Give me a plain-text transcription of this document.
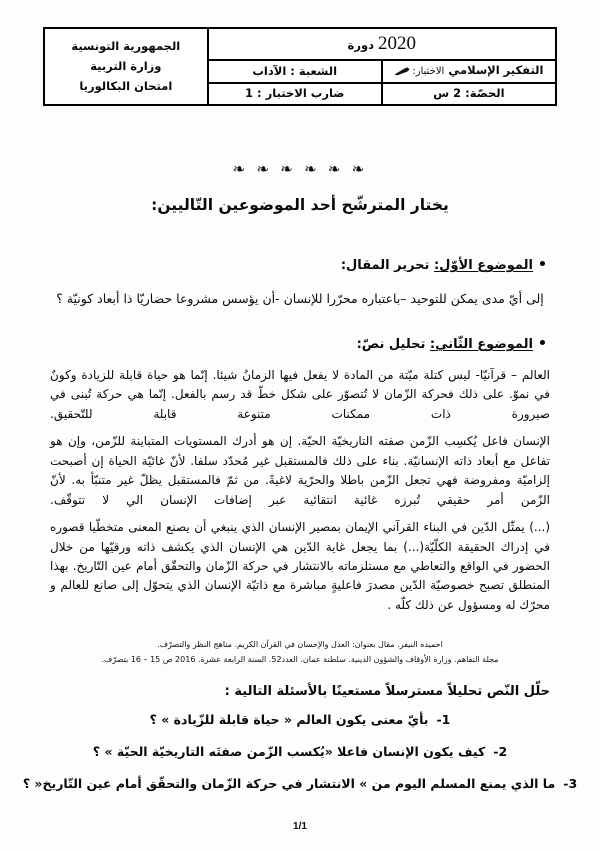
2020 دورة		الجمهورية التونسية
وزارة التربية
امتحان البكالوريا

التفكير الإسلامي الاختبار:	الشعبة : الآداب	
الحصّة: 2 س	ضارب الاختبار : 1	
❧ ❧ ❧ ❧ ❧ ❧
يختار المترشّح أحد الموضوعين التّاليين:
الموضوع الأوّل: تحرير المقال:
إلى أيّ مدى يمكن للتوحيد –باعتباره محرّرا للإنسان -أن يؤسس مشروعا حضاريّا ذا أبعاد كونيّة ؟
الموضوع الثّاني: تحليل نصّ:

العالم – قرآنيّا- ليس كتلة ميّتة من المادة لا يفعل فيها الزمانُ شيئا. إنّما هو حياة قابلة للزيادة وكونٌ في نموّ. على ذلك فحركة الزّمان لا تُتصوّر على شكل خطّ قد رسم بالفعل. إنّما هي حركة تُبنى في صيرورة ذات ممكنات متنوعة قابلة للتّحقيق.

الإنسان فاعل يُكسِب الزّمن صفته التاريخيّة الحيّة. إن هو أدرك المستويات المتباينة للزّمن، وإن هو تفاعل مع أبعاد ذاته الإنسانيّة. بناء على ذلك فالمستقبل غير مُحدّد سلفا. لأنّ غائيّة الحياة إن أصبحت إلزاميّة ومفروضة فهي تجعل الزّمن باطلا والحرّية لاغيةً. من ثمّ فالمستقبل يظلّ غير متنبّأ به. لأنّ الزّمن أمر حقيقي تُبرزه غائية انتقائية عبر إضافات الإنسان الي لا تتوقّف.

(...) يمثّل الدّين في البناء القرآني الإيمان بمصير الإنسان الذي ينبغي أن يصنع المعنى متخطّيا قصوره في إدراك الحقيقة الكلّيّة(...) بما يجعل غاية الدّين هي الإنسان الذي يكشف ذاته ورقيّها من خلال الحضور في الواقع والتعاطي مع مستلزماته بالانتشار في حركة الزّمان والتحقّق أمام عين التّاريخ. بهذا المنطلق تصبح خصوصيّة الدّين مصدرَ فاعليةٍ مباشرة مع ذاتيّة الإنسان الذي يتحوّل إلى صانع للعالم و محرّك له ومسؤول عن ذلك كلّه .

احميده النيفر. مقال بعنوان: العدل والإحسان في القرآن الكريم. مناهج النظر والتصرّف.
مجلة التفاهم. وزارة الأوقاف والشؤون الدينية. سلطنة عمان. العدد52. السنة الرابعة عشرة. 2016 ص 15 – 16 بتصرّف.
حلّل النّص تحليلاً مسترسلاً مستعينًا بالأسئلة التالية :
1-
بأيّ معنى يكون العالم « حياة قابلة للزّيادة » ؟
2-
كيف يكون الإنسان فاعلا «يُكسب الزّمن صفتَه التاريخيّة الحيّة » ؟
3-
ما الذي يمنع المسلم اليوم من » الانتشار في حركة الزّمان والتحقّق أمام عين التّاريخ« ؟
1/1
